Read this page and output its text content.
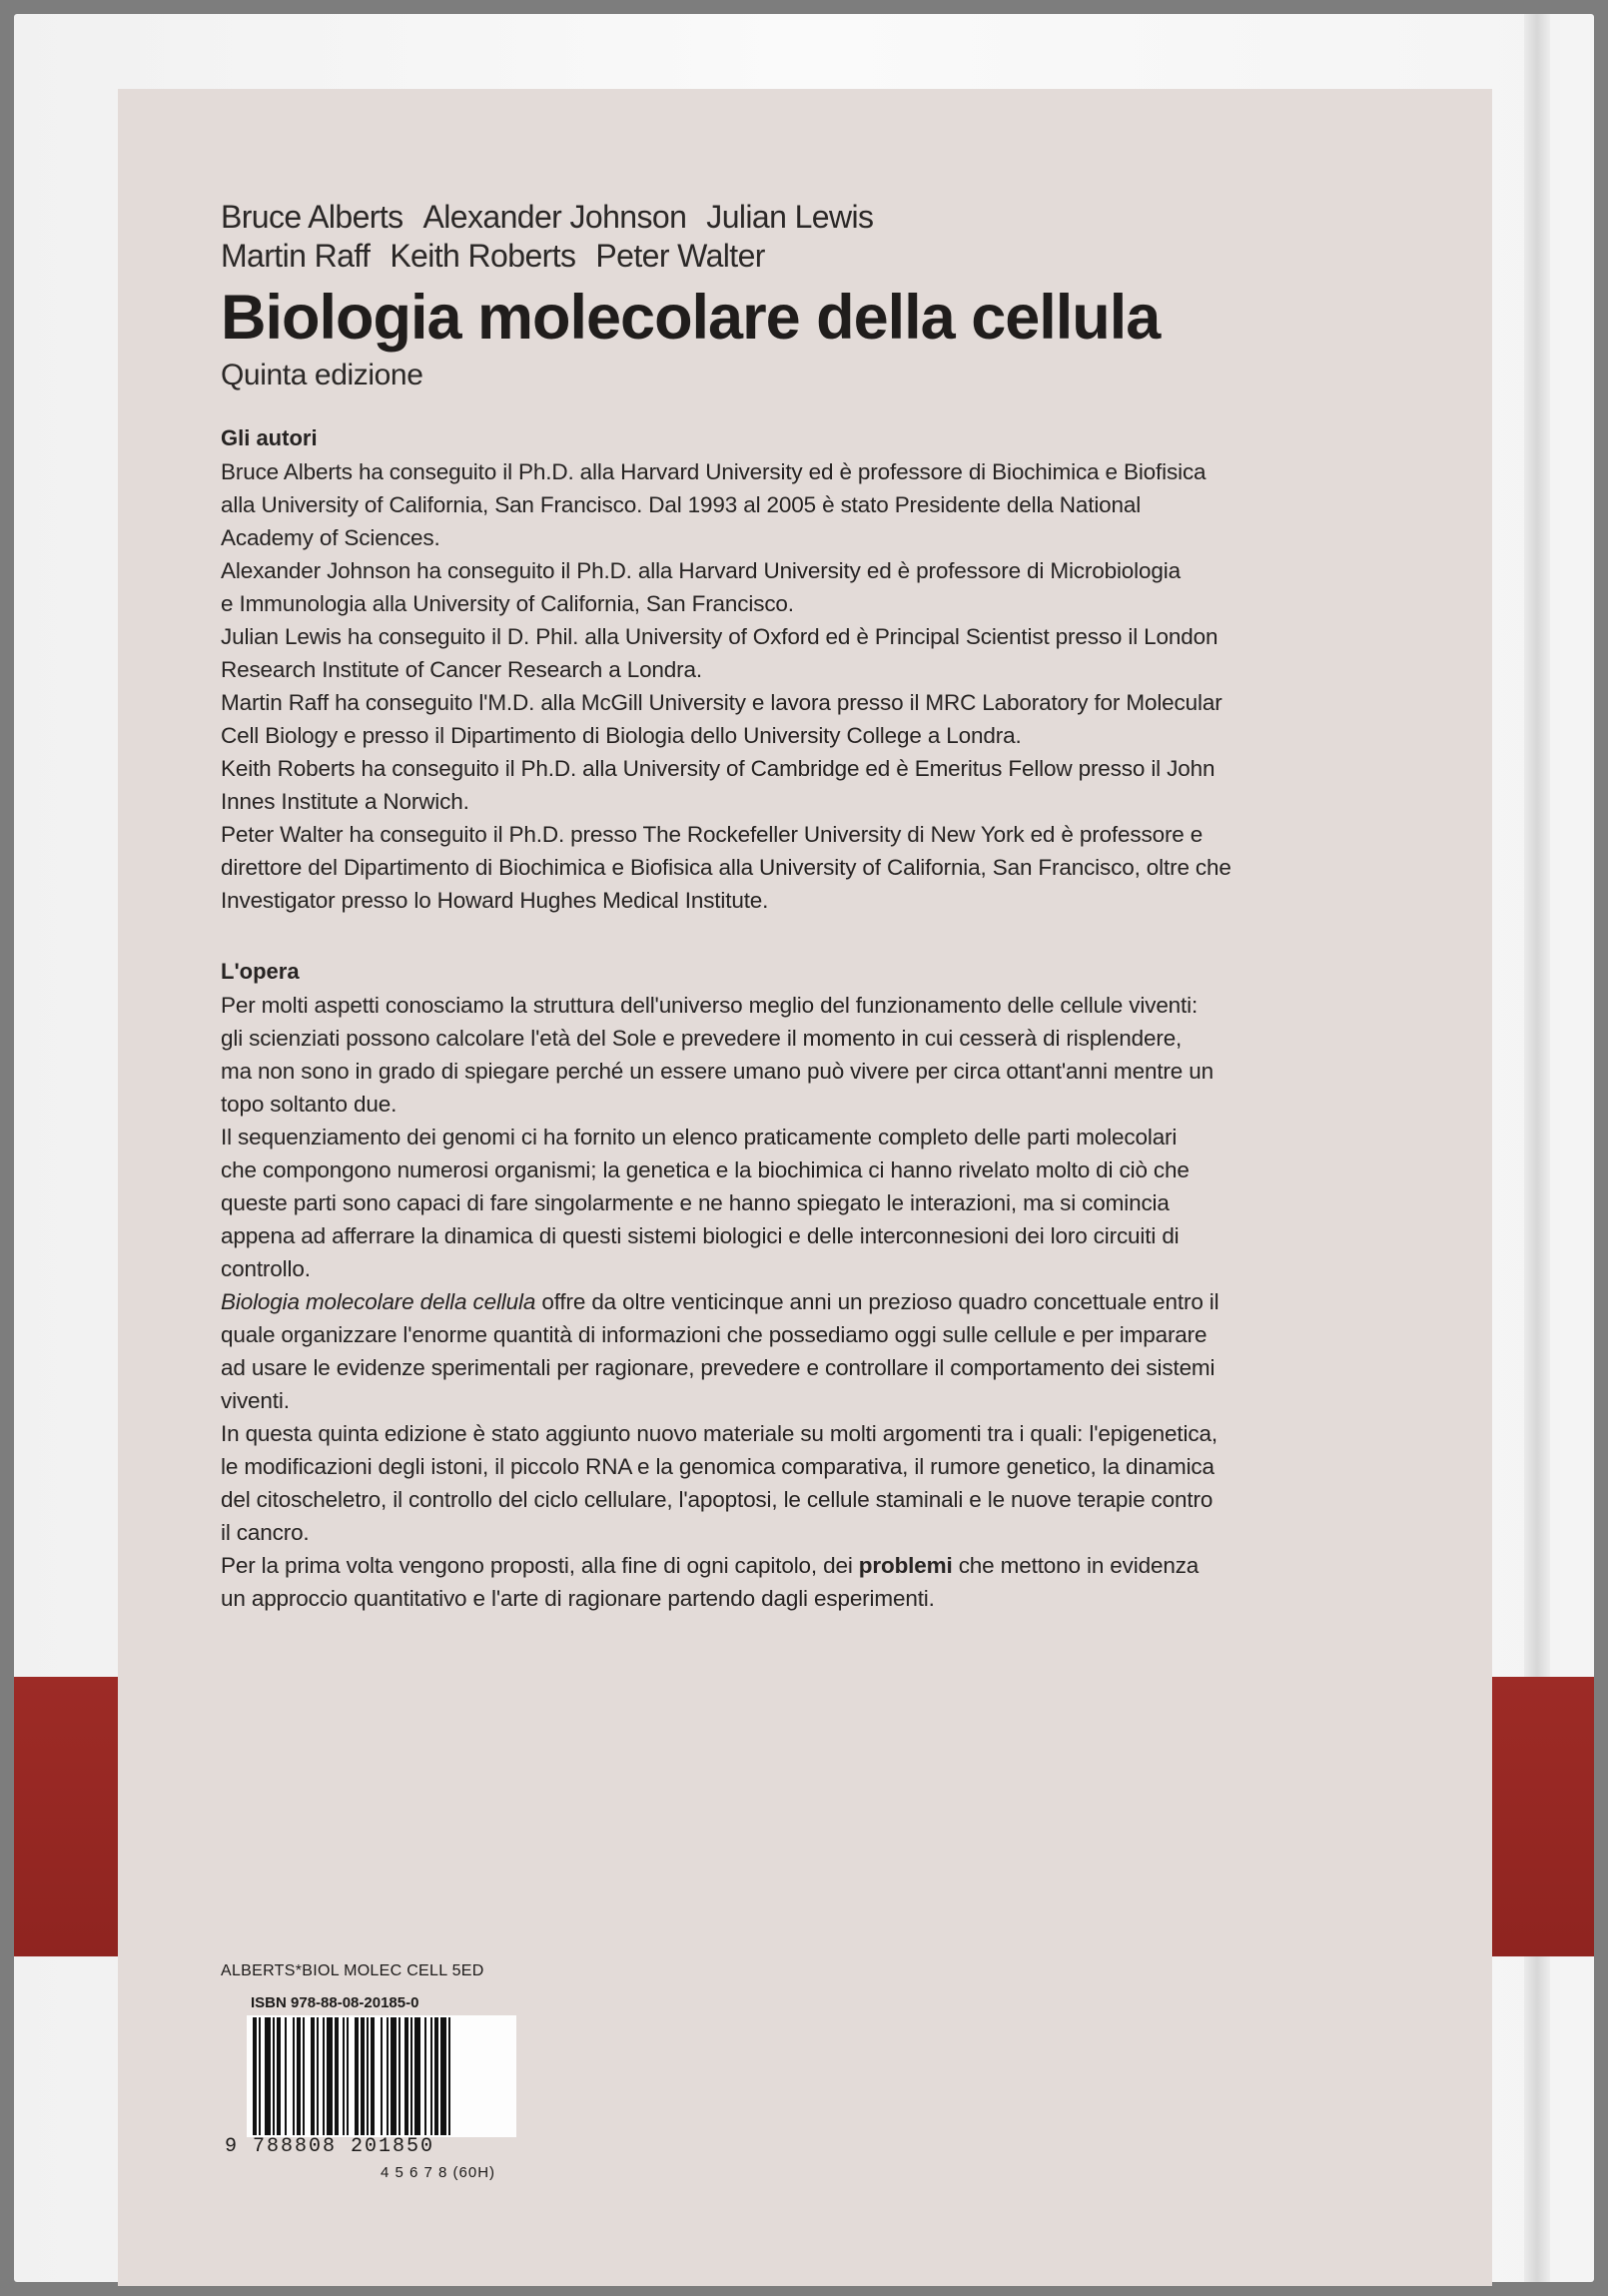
Bruce Alberts Alexander Johnson Julian Lewis
Martin Raff Keith Roberts Peter Walter
Biologia molecolare della cellula
Quinta edizione
Gli autori

Bruce Alberts ha conseguito il Ph.D. alla Harvard University ed è professore di Biochimica e Biofisica

alla University of California, San Francisco. Dal 1993 al 2005 è stato Presidente della National

Academy of Sciences.

Alexander Johnson ha conseguito il Ph.D. alla Harvard University ed è professore di Microbiologia

e Immunologia alla University of California, San Francisco.

Julian Lewis ha conseguito il D. Phil. alla University of Oxford ed è Principal Scientist presso il London

Research Institute of Cancer Research a Londra.

Martin Raff ha conseguito l'M.D. alla McGill University e lavora presso il MRC Laboratory for Molecular

Cell Biology e presso il Dipartimento di Biologia dello University College a Londra.

Keith Roberts ha conseguito il Ph.D. alla University of Cambridge ed è Emeritus Fellow presso il John

Innes Institute a Norwich.

Peter Walter ha conseguito il Ph.D. presso The Rockefeller University di New York ed è professore e

direttore del Dipartimento di Biochimica e Biofisica alla University of California, San Francisco, oltre che

Investigator presso lo Howard Hughes Medical Institute.

L'opera

Per molti aspetti conosciamo la struttura dell'universo meglio del funzionamento delle cellule viventi:

gli scienziati possono calcolare l'età del Sole e prevedere il momento in cui cesserà di risplendere,

ma non sono in grado di spiegare perché un essere umano può vivere per circa ottant'anni mentre un

topo soltanto due.

Il sequenziamento dei genomi ci ha fornito un elenco praticamente completo delle parti molecolari

che compongono numerosi organismi; la genetica e la biochimica ci hanno rivelato molto di ciò che

queste parti sono capaci di fare singolarmente e ne hanno spiegato le interazioni, ma si comincia

appena ad afferrare la dinamica di questi sistemi biologici e delle interconnesioni dei loro circuiti di

controllo.

Biologia molecolare della cellula offre da oltre venticinque anni un prezioso quadro concettuale entro il

quale organizzare l'enorme quantità di informazioni che possediamo oggi sulle cellule e per imparare

ad usare le evidenze sperimentali per ragionare, prevedere e controllare il comportamento dei sistemi

viventi.

In questa quinta edizione è stato aggiunto nuovo materiale su molti argomenti tra i quali: l'epigenetica,

le modificazioni degli istoni, il piccolo RNA e la genomica comparativa, il rumore genetico, la dinamica

del citoscheletro, il controllo del ciclo cellulare, l'apoptosi, le cellule staminali e le nuove terapie contro

il cancro.

Per la prima volta vengono proposti, alla fine di ogni capitolo, dei problemi che mettono in evidenza

un approccio quantitativo e l'arte di ragionare partendo dagli esperimenti.

ALBERTS*BIOL MOLEC CELL 5ED
ISBN 978-88-08-20185-0
9 788808 201850
4 5 6 7 8 (60H)
